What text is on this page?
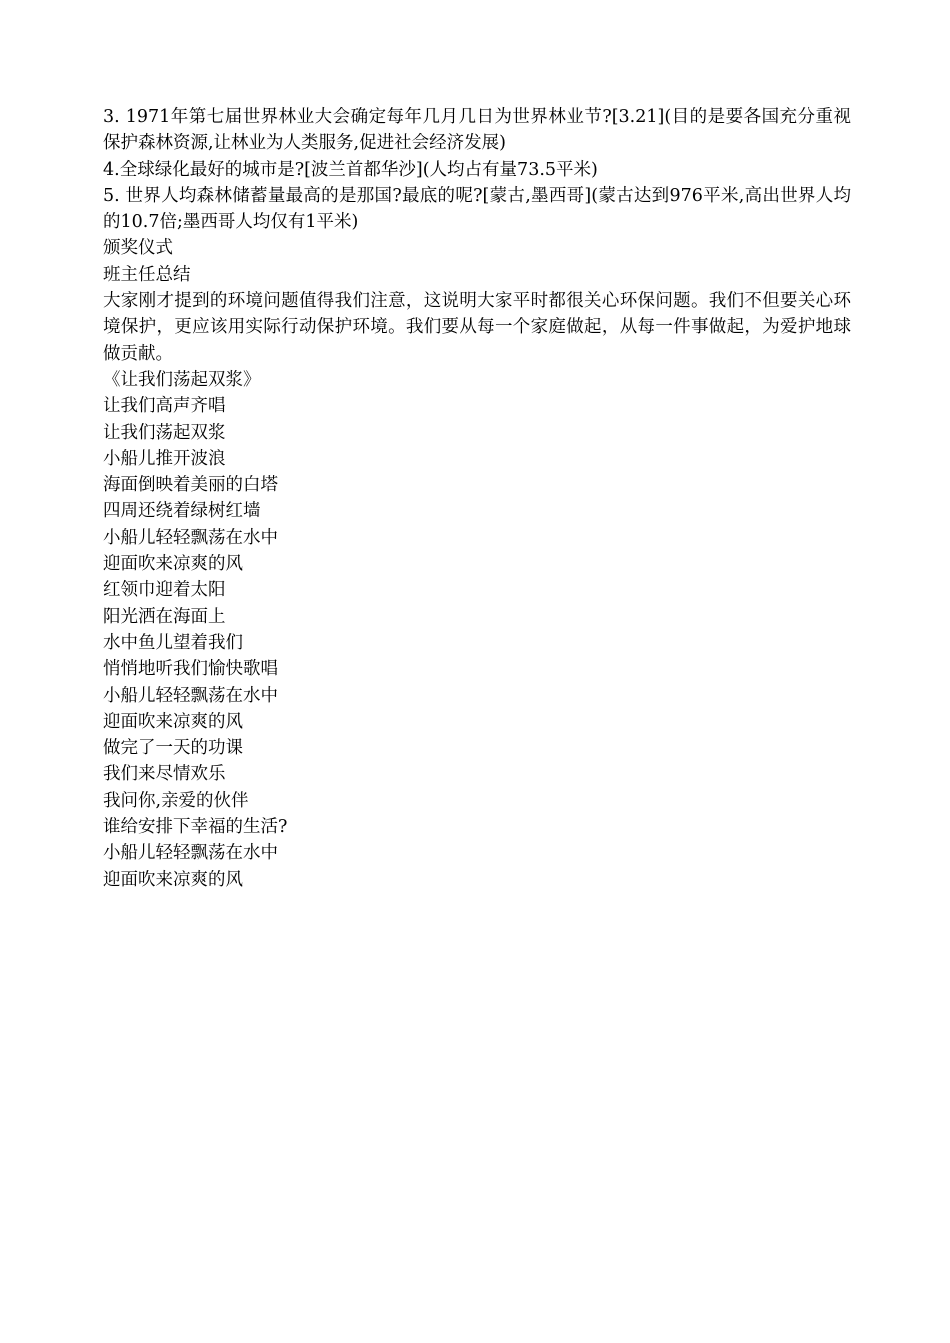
3. 1971年第七届世界林业大会确定每年几月几日为世界林业节?[3.21](目的是要各国充分重视保护森林资源,让林业为人类服务,促进社会经济发展)

4.全球绿化最好的城市是?[波兰首都华沙](人均占有量73.5平米)

5. 世界人均森林储蓄量最高的是那国?最底的呢?[蒙古,墨西哥](蒙古达到976平米,高出世界人均的10.7倍;墨西哥人均仅有1平米)

颁奖仪式

班主任总结

大家刚才提到的环境问题值得我们注意，这说明大家平时都很关心环保问题。我们不但要关心环境保护，更应该用实际行动保护环境。我们要从每一个家庭做起，从每一件事做起，为爱护地球做贡献。

《让我们荡起双浆》

让我们高声齐唱

让我们荡起双浆

小船儿推开波浪

海面倒映着美丽的白塔

四周还绕着绿树红墙

小船儿轻轻飘荡在水中

迎面吹来凉爽的风

红领巾迎着太阳

阳光洒在海面上

水中鱼儿望着我们

悄悄地听我们愉快歌唱

小船儿轻轻飘荡在水中

迎面吹来凉爽的风

做完了一天的功课

我们来尽情欢乐

我问你,亲爱的伙伴

谁给安排下幸福的生活?

小船儿轻轻飘荡在水中

迎面吹来凉爽的风
